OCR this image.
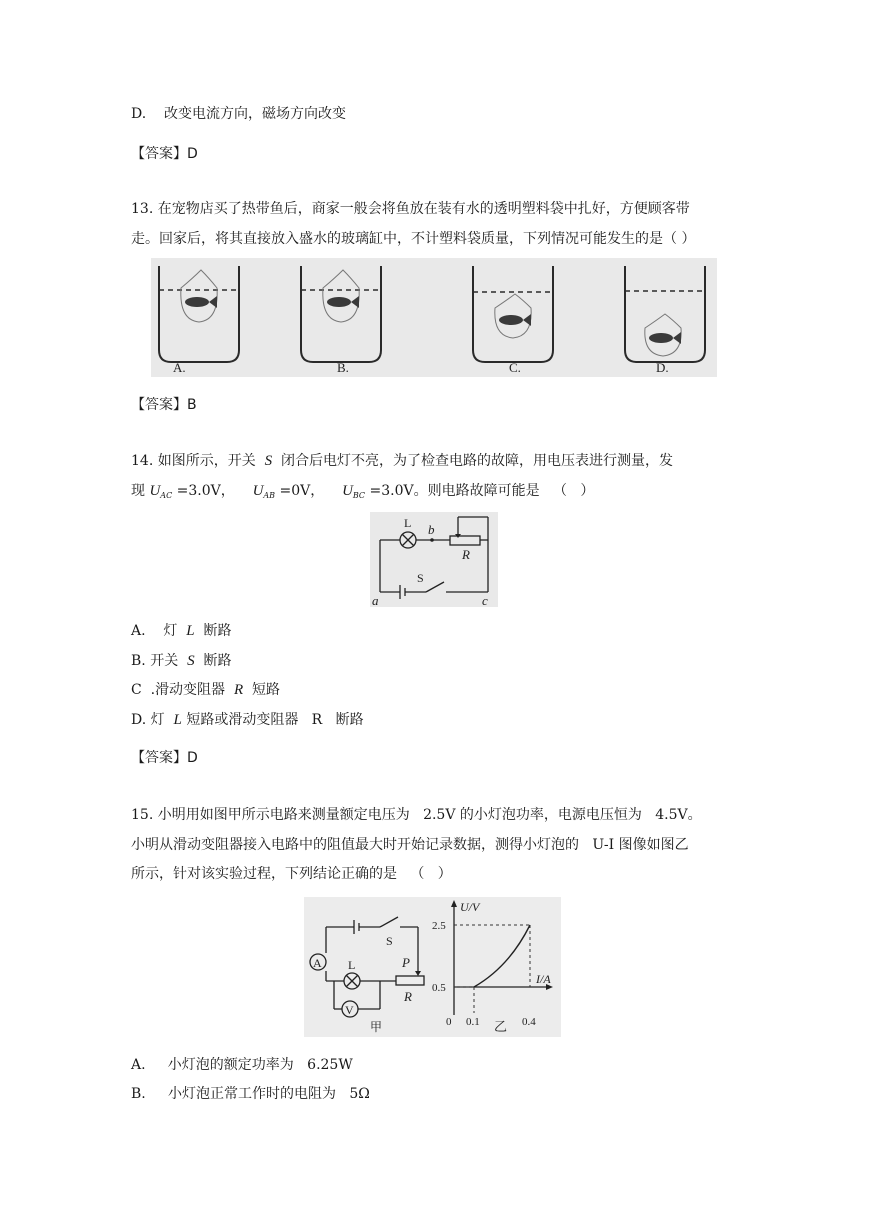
D.    改变电流方向，磁场方向改变
【答案】D
13. 在宠物店买了热带鱼后，商家一般会将鱼放在装有水的透明塑料袋中扎好，方便顾客带
走。回家后，将其直接放入盛水的玻璃缸中，不计塑料袋质量，下列情况可能发生的是（ ）
A.	B.	C.	D.
【答案】B
14. 如图所示，开关  S  闭合后电灯不亮，为了检查电路的故障，用电压表进行测量，发
现 $U_{AC} =3.0V$，    $U_{AB} =0V$，    $U_{BC} =3.0V$。则电路故障可能是   （   ）
L b
R
S
a	c
A.    灯  L  断路
B. 开关  S  断路
C  .滑动变阻器  R  短路
D. 灯  L 短路或滑动变阻器   R   断路
【答案】D
15. 小明用如图甲所示电路来测量额定电压为   2.5V 的小灯泡功率，电源电压恒为   4.5V。
小明从滑动变阻器接入电路中的阻值最大时开始记录数据，测得小灯泡的   U-I 图像如图乙
所示，针对该实验过程，下列结论正确的是   （   ）
A
V
L
S
P
R
甲
U/V
I/A
2.5
0.5
0 0.1	0.4
乙
A.     小灯泡的额定功率为   6.25W
B.     小灯泡正常工作时的电阻为   5Ω
